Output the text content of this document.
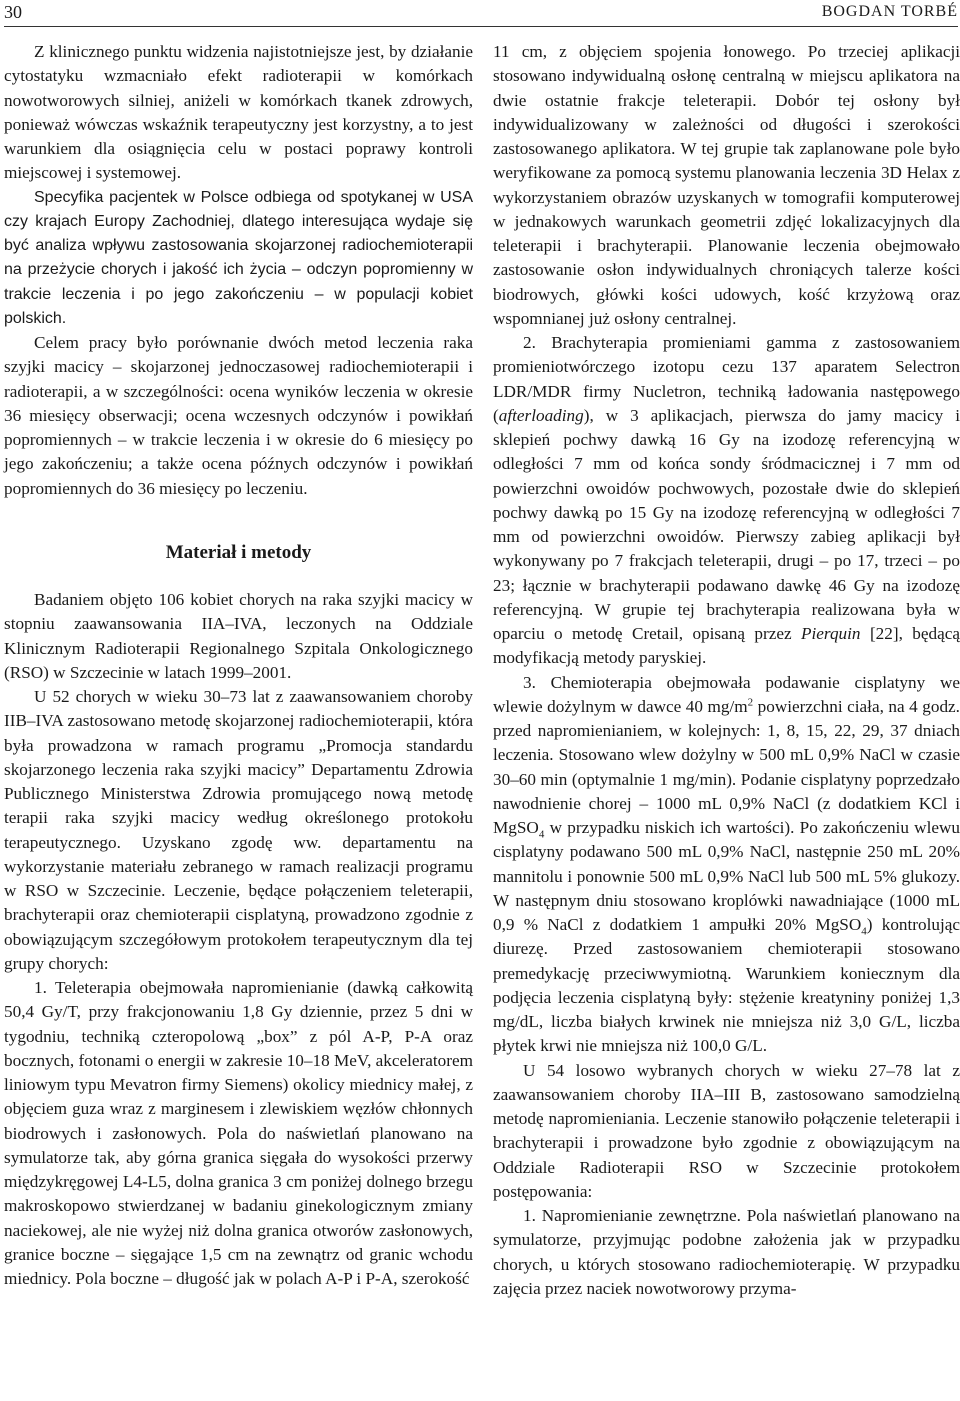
30	BOGDAN TORBÉ

Z klinicznego punktu widzenia najistotniejsze jest, by działanie cytostatyku wzmacniało efekt radioterapii w komórkach nowotworowych silniej, aniżeli w komórkach tkanek zdrowych, ponieważ wówczas wskaźnik terapeutyczny jest korzystny, a to jest warunkiem dla osiągnięcia celu w postaci poprawy kontroli miejscowej i systemowej.

Specyfika pacjentek w Polsce odbiega od spotykanej w USA czy krajach Europy Zachodniej, dlatego interesująca wydaje się być analiza wpływu zastosowania skojarzonej radiochemioterapii na przeżycie chorych i jakość ich życia – odczyn popromienny w trakcie leczenia i po jego zakończeniu – w populacji kobiet polskich.

Celem pracy było porównanie dwóch metod leczenia raka szyjki macicy – skojarzonej jednoczasowej radiochemioterapii i radioterapii, a w szczególności: ocena wyników leczenia w okresie 36 miesięcy obserwacji; ocena wczesnych odczynów i powikłań popromiennych – w trakcie leczenia i w okresie do 6 miesięcy po jego zakończeniu; a także ocena późnych odczynów i powikłań popromiennych do 36 miesięcy po leczeniu.

Materiał i metody

Badaniem objęto 106 kobiet chorych na raka szyjki macicy w stopniu zaawansowania IIA–IVA, leczonych na Oddziale Klinicznym Radioterapii Regionalnego Szpitala Onkologicznego (RSO) w Szczecinie w latach 1999–2001.

U 52 chorych w wieku 30–73 lat z zaawansowaniem choroby IIB–IVA zastosowano metodę skojarzonej radiochemioterapii, która była prowadzona w ramach programu „Promocja standardu skojarzonego leczenia raka szyjki macicy” Departamentu Zdrowia Publicznego Ministerstwa Zdrowia promującego nową metodę terapii raka szyjki macicy według określonego protokołu terapeutycznego. Uzyskano zgodę ww. departamentu na wykorzystanie materiału zebranego w ramach realizacji programu w RSO w Szczecinie. Leczenie, będące połączeniem teleterapii, brachyterapii oraz chemioterapii cisplatyną, prowadzono zgodnie z obowiązującym szczegółowym protokołem terapeutycznym dla tej grupy chorych:

1. Teleterapia obejmowała napromienianie (dawką całkowitą 50,4 Gy/T, przy frakcjonowaniu 1,8 Gy dziennie, przez 5 dni w tygodniu, techniką czteropolową „box” z pól A-P, P-A oraz bocznych, fotonami o energii w zakresie 10–18 MeV, akceleratorem liniowym typu Mevatron firmy Siemens) okolicy miednicy małej, z objęciem guza wraz z marginesem i zlewiskiem węzłów chłonnych biodrowych i zasłonowych. Pola do naświetlań planowano na symulatorze tak, aby górna granica sięgała do wysokości przerwy międzykręgowej L4-L5, dolna granica 3 cm poniżej dolnego brzegu makroskopowo stwierdzanej w badaniu ginekologicznym zmiany naciekowej, ale nie wyżej niż dolna granica otworów zasłonowych, granice boczne – sięgające 1,5 cm na zewnątrz od granic wchodu miednicy. Pola boczne – długość jak w polach A-P i P-A, szerokość

11 cm, z objęciem spojenia łonowego. Po trzeciej aplikacji stosowano indywidualną osłonę centralną w miejscu aplikatora na dwie ostatnie frakcje teleterapii. Dobór tej osłony był indywidualizowany w zależności od długości i szerokości zastosowanego aplikatora. W tej grupie tak zaplanowane pole było weryfikowane za pomocą systemu planowania leczenia 3D Helax z wykorzystaniem obrazów uzyskanych w tomografii komputerowej w jednakowych warunkach geometrii zdjęć lokalizacyjnych dla teleterapii i brachyterapii. Planowanie leczenia obejmowało zastosowanie osłon indywidualnych chroniących talerze kości biodrowych, główki kości udowych, kość krzyżową oraz wspomnianej już osłony centralnej.

2. Brachyterapia promieniami gamma z zastosowaniem promieniotwórczego izotopu cezu 137 aparatem Selectron LDR/MDR firmy Nucletron, techniką ładowania następowego (afterloading), w 3 aplikacjach, pierwsza do jamy macicy i sklepień pochwy dawką 16 Gy na izodozę referencyjną w odległości 7 mm od końca sondy śródmacicznej i 7 mm od powierzchni owoidów pochwowych, pozostałe dwie do sklepień pochwy dawką po 15 Gy na izodozę referencyjną w odległości 7 mm od powierzchni owoidów. Pierwszy zabieg aplikacji był wykonywany po 7 frakcjach teleterapii, drugi – po 17, trzeci – po 23; łącznie w brachyterapii podawano dawkę 46 Gy na izodozę referencyjną. W grupie tej brachyterapia realizowana była w oparciu o metodę Cretail, opisaną przez Pierquin [22], będącą modyfikacją metody paryskiej.

3. Chemioterapia obejmowała podawanie cisplatyny we wlewie dożylnym w dawce 40 $mg/m^2$ powierzchni ciała, na 4 godz. przed napromienianiem, w kolejnych: 1, 8, 15, 22, 29, 37 dniach leczenia. Stosowano wlew dożylny w 500 mL 0,9% NaCl w czasie 30–60 min (optymalnie 1 mg/min). Podanie cisplatyny poprzedzało nawodnienie chorej – 1000 mL 0,9% NaCl (z dodatkiem KCl i MgSO$_4$ w przypadku niskich ich wartości). Po zakończeniu wlewu cisplatyny podawano 500 mL 0,9% NaCl, następnie 250 mL 20% mannitolu i ponownie 500 mL 0,9% NaCl lub 500 mL 5% glukozy. W następnym dniu stosowano kroplówki nawadniające (1000 mL 0,9 % NaCl z dodatkiem 1 ampułki 20% MgSO$_4$) kontrolując diurezę. Przed zastosowaniem chemioterapii stosowano premedykację przeciwwymiotną. Warunkiem koniecznym dla podjęcia leczenia cisplatyną były: stężenie kreatyniny poniżej 1,3 mg/dL, liczba białych krwinek nie mniejsza niż 3,0 G/L, liczba płytek krwi nie mniejsza niż 100,0 G/L.

U 54 losowo wybranych chorych w wieku 27–78 lat z zaawansowaniem choroby IIA–III B, zastosowano samodzielną metodę napromieniania. Leczenie stanowiło połączenie teleterapii i brachyterapii i prowadzone było zgodnie z obowiązującym na Oddziale Radioterapii RSO w Szczecinie protokołem postępowania:

1. Napromienianie zewnętrzne. Pola naświetlań planowano na symulatorze, przyjmując podobne założenia jak w przypadku chorych, u których stosowano radiochemioterapię. W przypadku zajęcia przez naciek nowotworowy przyma-
